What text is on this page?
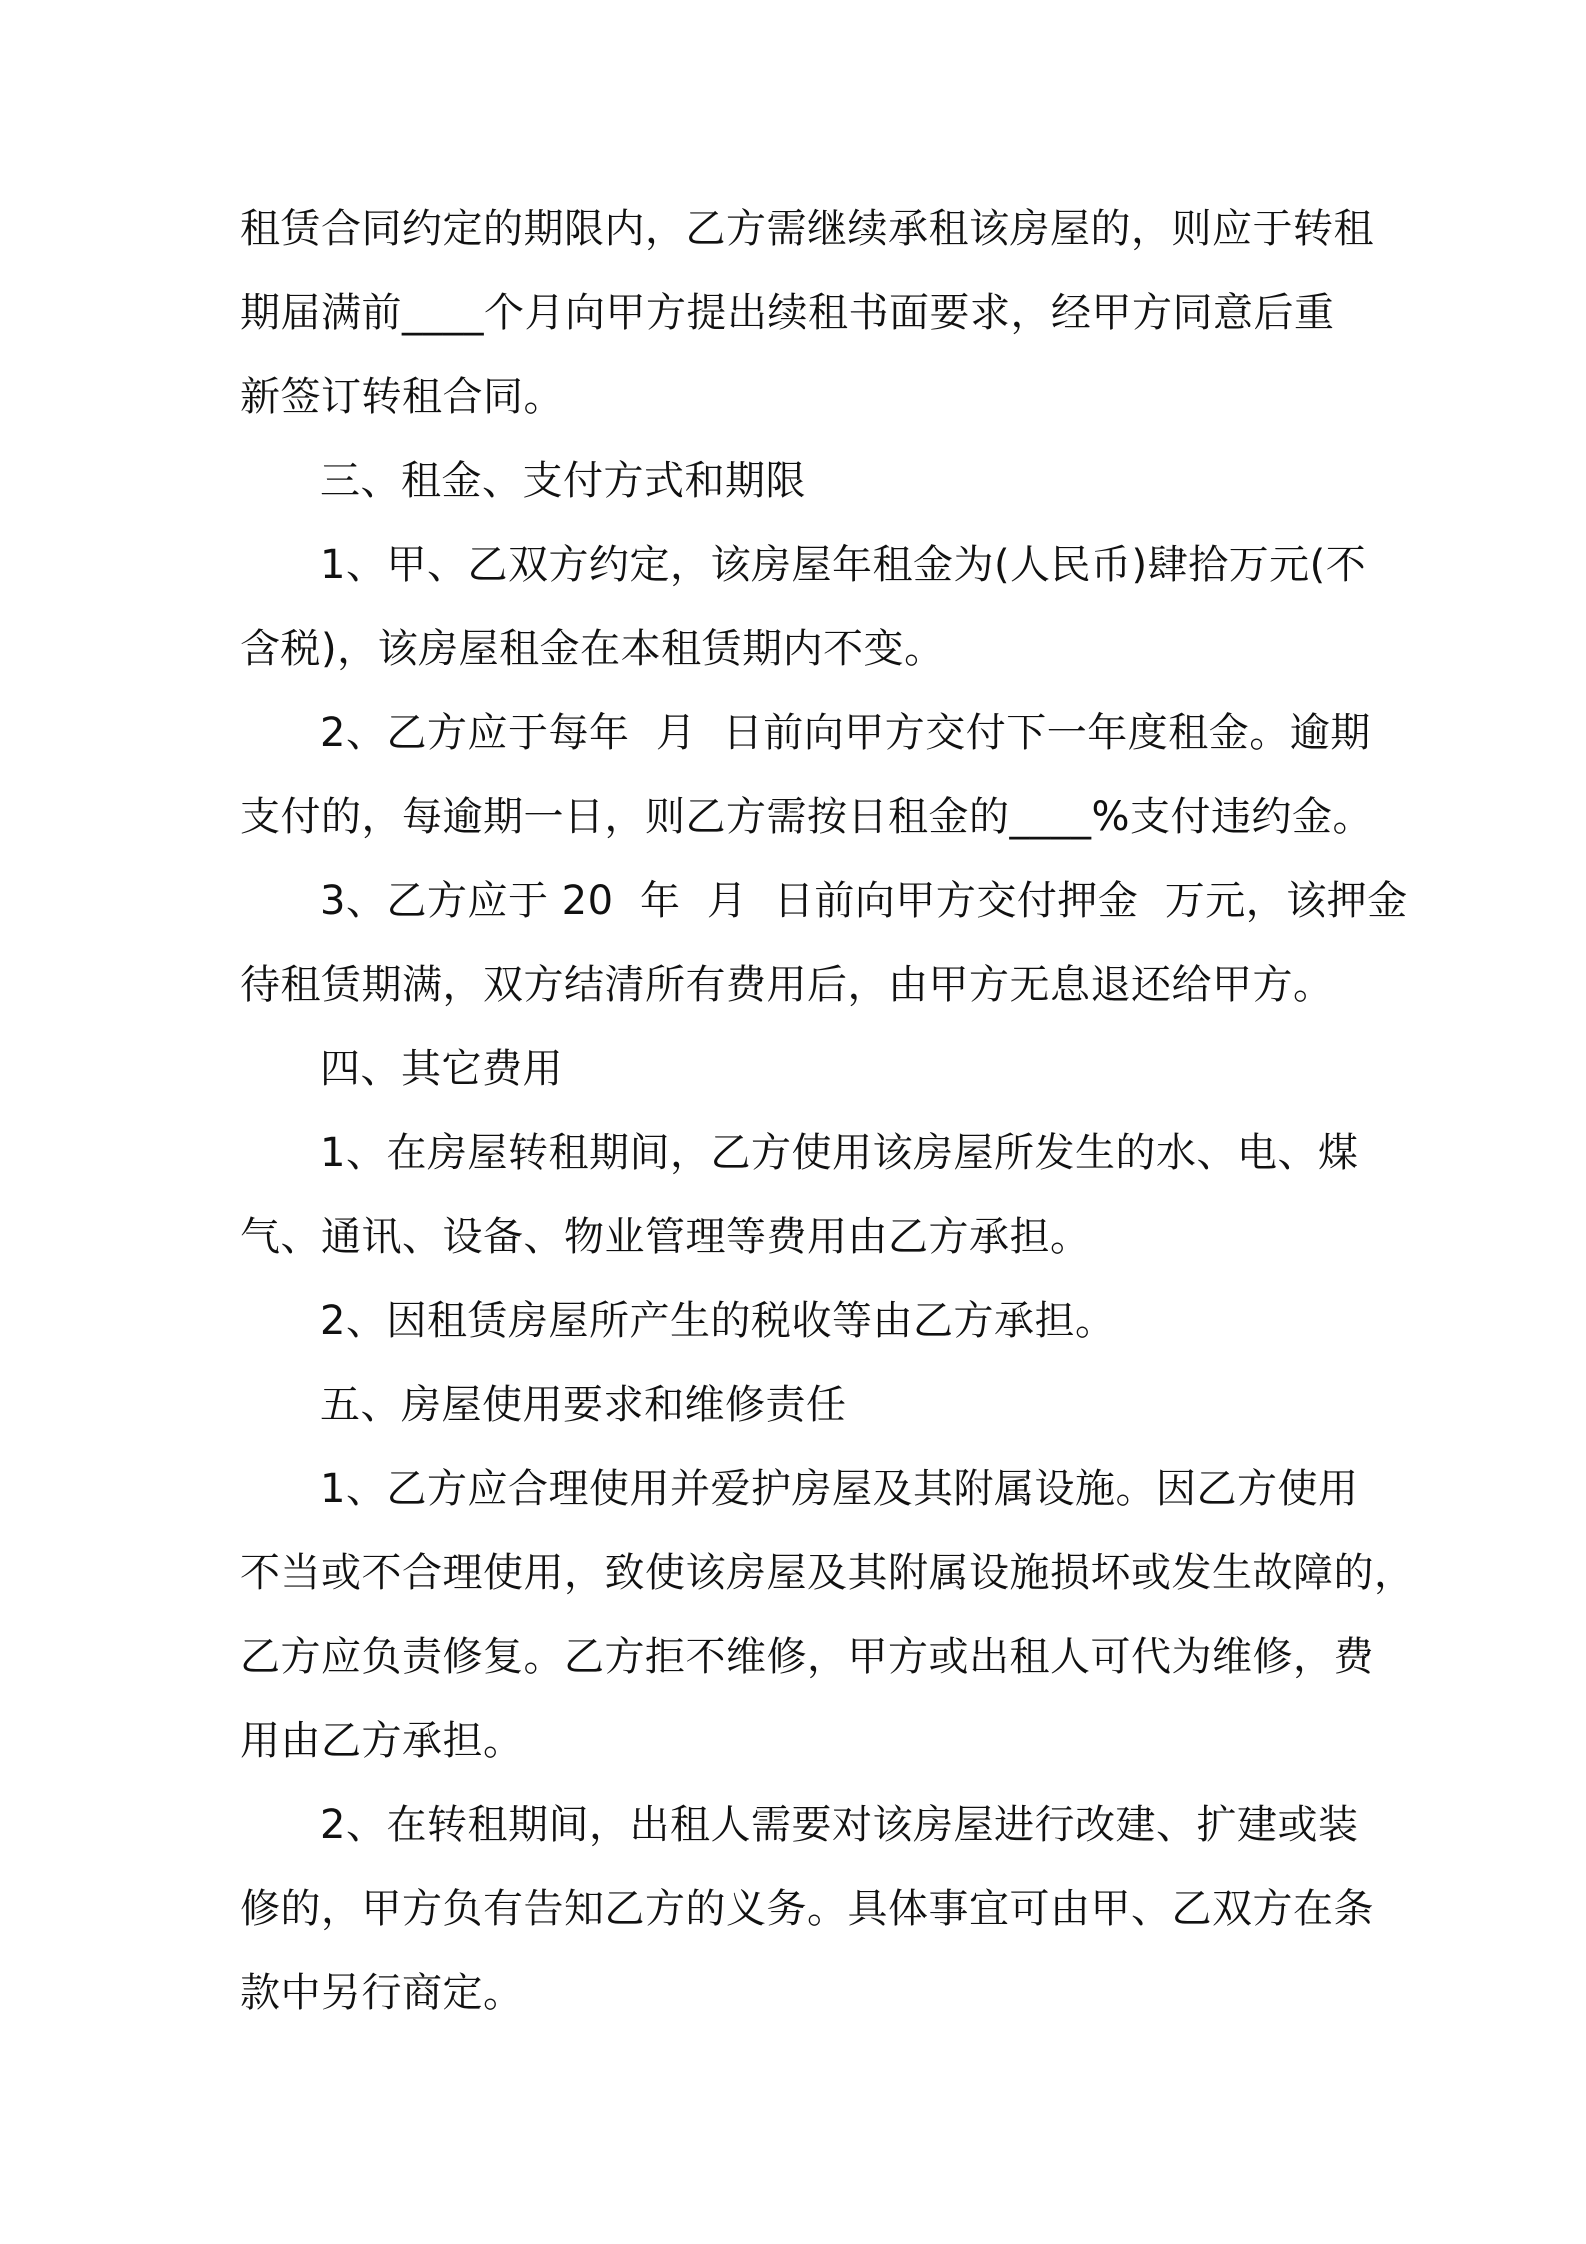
租赁合同约定的期限内，乙方需继续承租该房屋的，则应于转租
期届满前____个月向甲方提出续租书面要求，经甲方同意后重
新签订转租合同。
三、租金、支付方式和期限
1、甲、乙双方约定，该房屋年租金为(人民币)肆拾万元(不
含税)，该房屋租金在本租赁期内不变。
2、乙方应于每年  月  日前向甲方交付下一年度租金。逾期
支付的，每逾期一日，则乙方需按日租金的____%支付违约金。
3、乙方应于 20  年  月  日前向甲方交付押金  万元，该押金
待租赁期满，双方结清所有费用后，由甲方无息退还给甲方。
四、其它费用
1、在房屋转租期间，乙方使用该房屋所发生的水、电、煤
气、通讯、设备、物业管理等费用由乙方承担。
2、因租赁房屋所产生的税收等由乙方承担。
五、房屋使用要求和维修责任
1、乙方应合理使用并爱护房屋及其附属设施。因乙方使用
不当或不合理使用，致使该房屋及其附属设施损坏或发生故障的，
乙方应负责修复。乙方拒不维修，甲方或出租人可代为维修，费
用由乙方承担。
2、在转租期间，出租人需要对该房屋进行改建、扩建或装
修的，甲方负有告知乙方的义务。具体事宜可由甲、乙双方在条
款中另行商定。
